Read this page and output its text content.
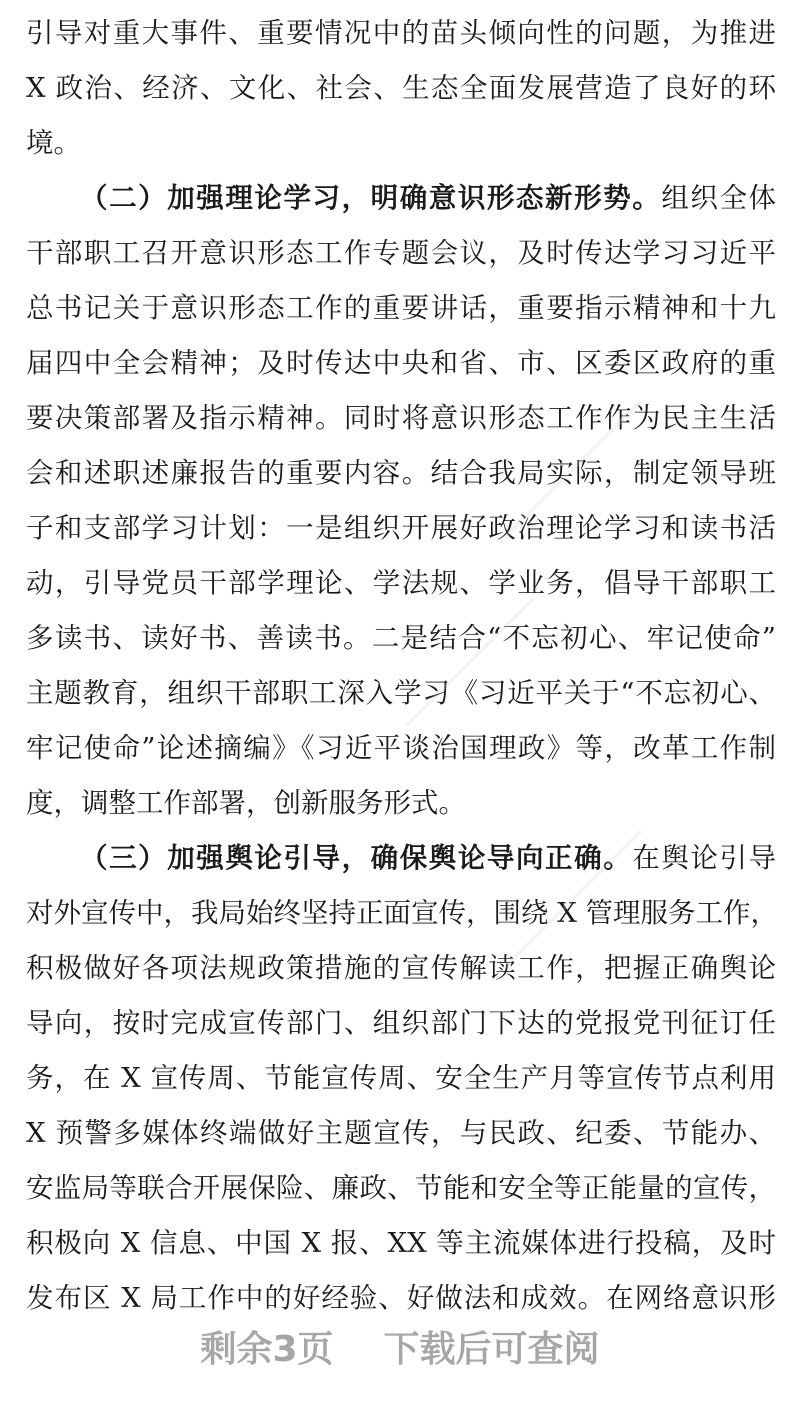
引导对重大事件、重要情况中的苗头倾向性的问题，为推进
X 政治、经济、文化、社会、生态全面发展营造了良好的环
境。
（二）加强理论学习，明确意识形态新形势。组织全体
干部职工召开意识形态工作专题会议，及时传达学习习近平
总书记关于意识形态工作的重要讲话，重要指示精神和十九
届四中全会精神；及时传达中央和省、市、区委区政府的重
要决策部署及指示精神。同时将意识形态工作作为民主生活
会和述职述廉报告的重要内容。结合我局实际，制定领导班
子和支部学习计划：一是组织开展好政治理论学习和读书活
动，引导党员干部学理论、学法规、学业务，倡导干部职工
多读书、读好书、善读书。二是结合“不忘初心、牢记使命”
主题教育，组织干部职工深入学习《习近平关于“不忘初心、
牢记使命”论述摘编》《习近平谈治国理政》等，改革工作制
度，调整工作部署，创新服务形式。
（三）加强舆论引导，确保舆论导向正确。在舆论引导
对外宣传中，我局始终坚持正面宣传，围绕 X 管理服务工作，
积极做好各项法规政策措施的宣传解读工作，把握正确舆论
导向，按时完成宣传部门、组织部门下达的党报党刊征订任
务，在 X 宣传周、节能宣传周、安全生产月等宣传节点利用
X 预警多媒体终端做好主题宣传，与民政、纪委、节能办、
安监局等联合开展保险、廉政、节能和安全等正能量的宣传，
积极向 X 信息、中国 X 报、XX 等主流媒体进行投稿，及时
发布区 X 局工作中的好经验、好做法和成效。在网络意识形
剩余3页 下载后可查阅
